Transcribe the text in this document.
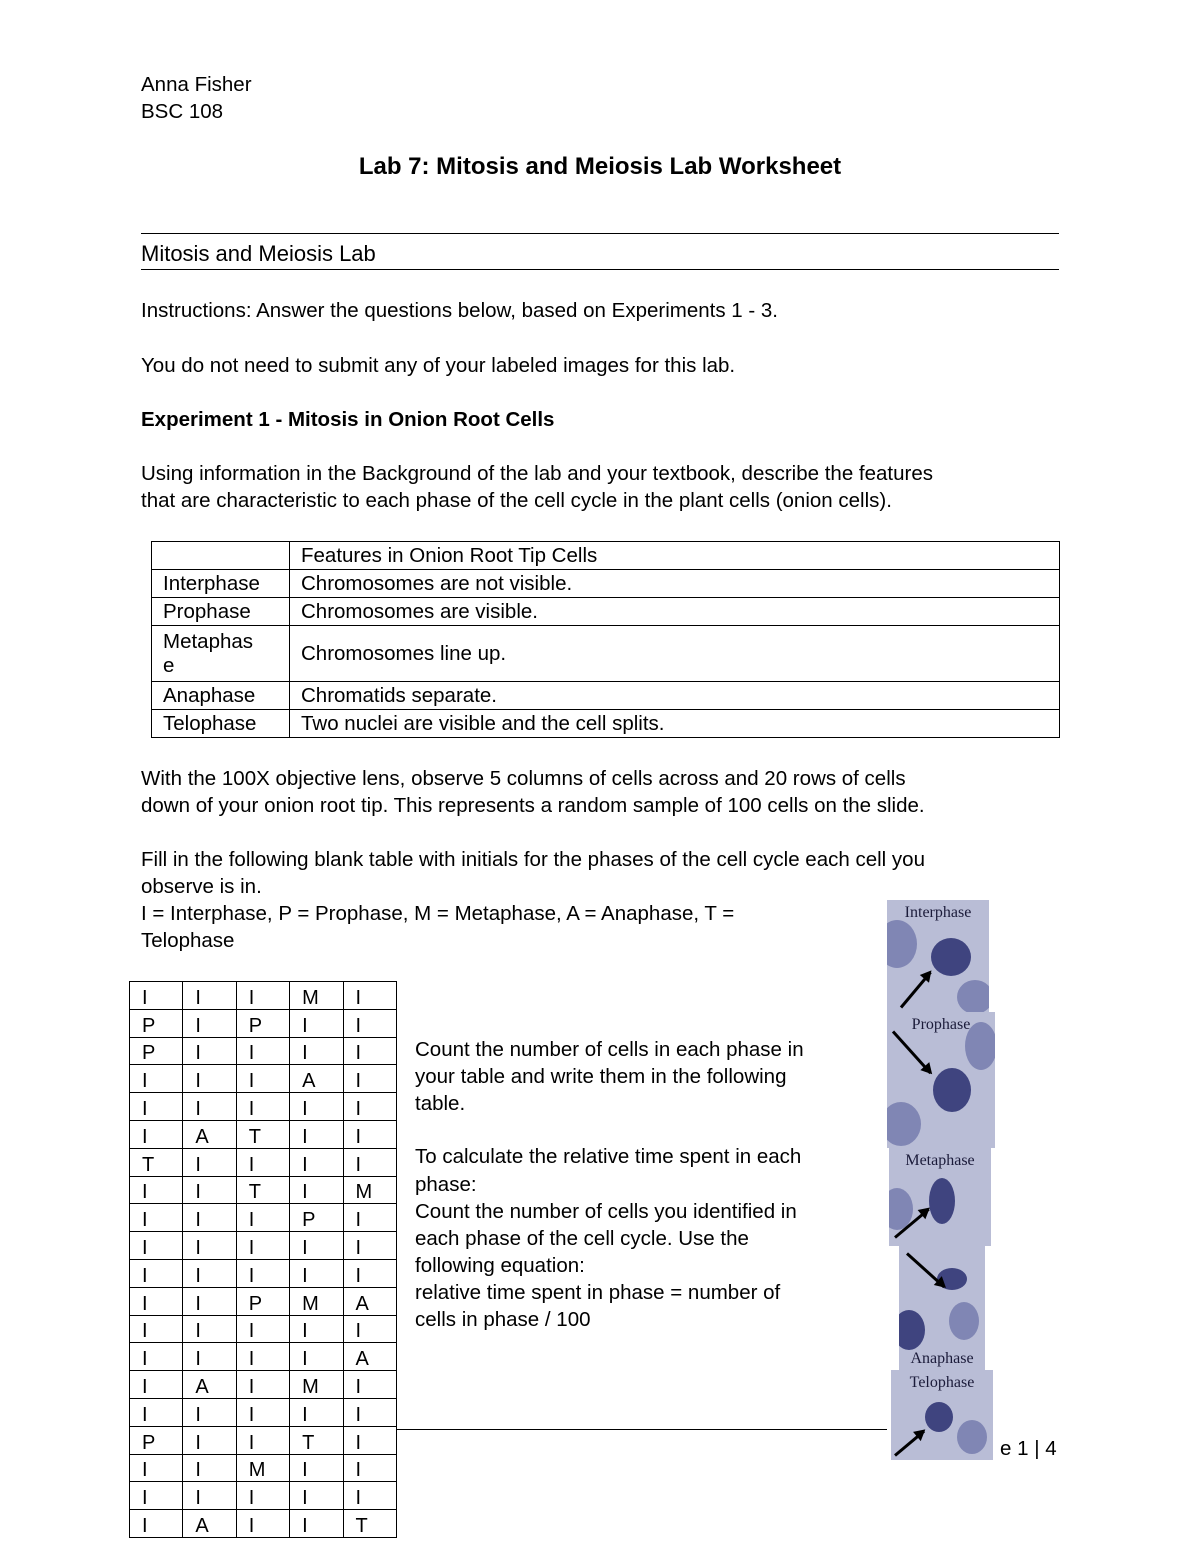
Anna Fisher
BSC 108
Lab 7: Mitosis and Meiosis Lab Worksheet
Mitosis and Meiosis Lab
Instructions: Answer the questions below, based on Experiments 1 - 3.
You do not need to submit any of your labeled images for this lab.
Experiment 1 - Mitosis in Onion Root Cells
Using information in the Background of the lab and your textbook, describe the features
that are characteristic to each phase of the cell cycle in the plant cells (onion cells).
	Features in Onion Root Tip Cells
Interphase	Chromosomes are not visible.
Prophase	Chromosomes are visible.
Metaphas
e	Chromosomes line up.
Anaphase	Chromatids separate.
Telophase	Two nuclei are visible and the cell splits.
With the 100X objective lens, observe 5 columns of cells across and 20 rows of cells
down of your onion root tip. This represents a random sample of 100 cells on the slide.
Fill in the following blank table with initials for the phases of the cell cycle each cell you
observe is in.
I = Interphase, P = Prophase, M = Metaphase, A = Anaphase, T =
Telophase
I	I	I	M	I
P	I	P	I	I
P	I	I	I	I
I	I	I	A	I
I	I	I	I	I
I	A	T	I	I
T	I	I	I	I
I	I	T	I	M
I	I	I	P	I
I	I	I	I	I
I	I	I	I	I
I	I	P	M	A
I	I	I	I	I
I	I	I	I	A
I	A	I	M	I
I	I	I	I	I
P	I	I	T	I
I	I	M	I	I
I	I	I	I	I
I	A	I	I	T
Count the number of cells in each phase in
your table and write them in the following
table.
To calculate the relative time spent in each
phase:
Count the number of cells you identified in
each phase of the cell cycle. Use the
following equation:
relative time spent in phase = number of
cells in phase / 100
Interphase
Prophase
Metaphase
Anaphase
Telophase
e 1 | 4
